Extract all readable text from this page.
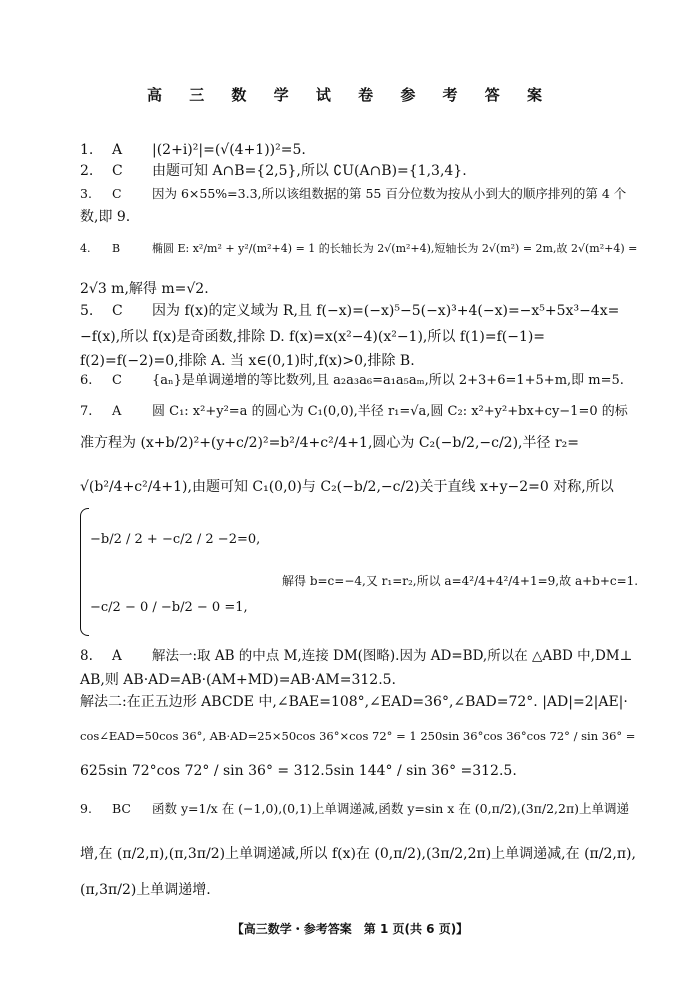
高 三 数 学 试 卷 参 考 答 案
1. A |(2+i)²|=(√(4+1))²=5.
2. C 由题可知 A∩B={2,5},所以 ∁U(A∩B)={1,3,4}.
3. C 因为 6×55%=3.3,所以该组数据的第 55 百分位数为按从小到大的顺序排列的第 4 个
数,即 9.
4. B	椭圆 E: x²/m² + y²/(m²+4) = 1 的长轴长为 2√(m²+4),短轴长为 2√(m²) = 2m,故 2√(m²+4) =
2√3 m,解得 m=√2.
5. C 因为 f(x)的定义域为 R,且 f(−x)=(−x)⁵−5(−x)³+4(−x)=−x⁵+5x³−4x=
−f(x),所以 f(x)是奇函数,排除 D. f(x)=x(x²−4)(x²−1),所以 f(1)=f(−1)=
f(2)=f(−2)=0,排除 A. 当 x∈(0,1)时,f(x)>0,排除 B.
6. C {aₙ}是单调递增的等比数列,且 a₂a₃a₆=a₁a₅aₘ,所以 2+3+6=1+5+m,即 m=5.
7. A 圆 C₁: x²+y²=a 的圆心为 C₁(0,0),半径 r₁=√a,圆 C₂: x²+y²+bx+cy−1=0 的标
准方程为 (x+b/2)²+(y+c/2)²=b²/4+c²/4+1,圆心为 C₂(−b/2,−c/2),半径 r₂=
√(b²/4+c²/4+1),由题可知 C₁(0,0)与 C₂(−b/2,−c/2)关于直线 x+y−2=0 对称,所以
解得 b=c=−4,又 r₁=r₂,所以 a=4²/4+4²/4+1=9,故 a+b+c=1.
8. A 解法一:取 AB 的中点 M,连接 DM(图略).因为 AD=BD,所以在 △ABD 中,DM⊥
AB,则 AB·AD=AB·(AM+MD)=AB·AM=312.5.
解法二:在正五边形 ABCDE 中,∠BAE=108°,∠EAD=36°,∠BAD=72°. |AD|=2|AE|·
cos∠EAD=50cos 36°, AB·AD=25×50cos 36°×cos 72° = 1 250sin 36°cos 36°cos 72° / sin 36° =
625sin 72°cos 72° / sin 36° = 312.5sin 144° / sin 36° =312.5.
9. BC 函数 y=1/x 在 (−1,0),(0,1)上单调递减,函数 y=sin x 在 (0,π/2),(3π/2,2π)上单调递
增,在 (π/2,π),(π,3π/2)上单调递减,所以 f(x)在 (0,π/2),(3π/2,2π)上单调递减,在 (π/2,π),
(π,3π/2)上单调递增.
−b/2 / 2 + −c/2 / 2 −2=0,
−c/2 − 0 / −b/2 − 0 =1,
【高三数学・参考答案　第 1 页(共 6 页)】
